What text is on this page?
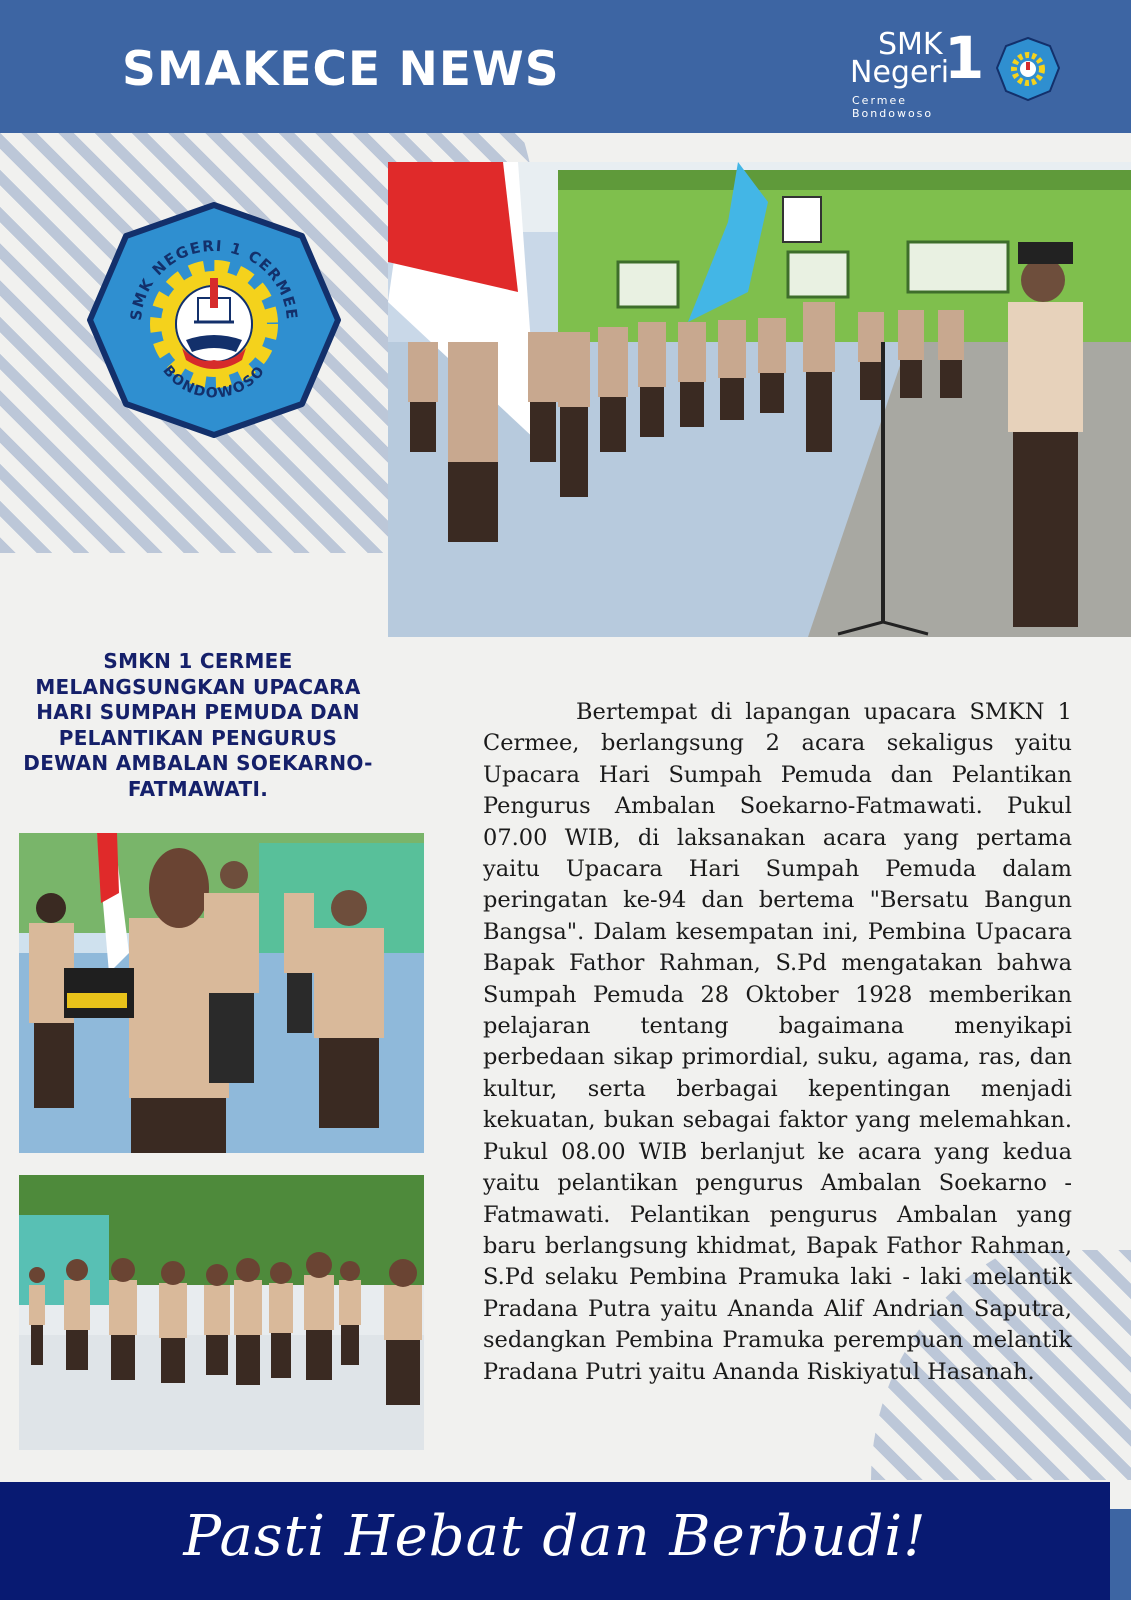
SMAKECE NEWS	SMK
Negeri
1
Cermee Bondowoso
SMK NEGERI 1 CERMEE
BONDOWOSO
SMKN 1 CERMEE MELANGSUNGKAN UPACARA HARI SUMPAH PEMUDA DAN PELANTIKAN PENGURUS DEWAN AMBALAN SOEKARNO-FATMAWATI.

Bertempat di lapangan upacara SMKN 1 Cermee, berlangsung 2 acara sekaligus yaitu Upacara Hari Sumpah Pemuda dan Pelantikan Pengurus Ambalan Soekarno-Fatmawati. Pukul 07.00 WIB, di laksanakan acara yang pertama yaitu Upacara Hari Sumpah Pemuda dalam peringatan ke-94 dan bertema "Bersatu Bangun Bangsa". Dalam kesempatan ini, Pembina Upacara Bapak Fathor Rahman, S.Pd mengatakan bahwa Sumpah Pemuda 28 Oktober 1928 memberikan pelajaran tentang bagaimana menyikapi perbedaan sikap primordial, suku, agama, ras, dan kultur, serta berbagai kepentingan menjadi kekuatan, bukan sebagai faktor yang melemahkan. Pukul 08.00 WIB berlanjut ke acara yang kedua yaitu pelantikan pengurus Ambalan Soekarno - Fatmawati. Pelantikan pengurus Ambalan yang baru berlangsung khidmat, Bapak Fathor Rahman, S.Pd selaku Pembina Pramuka laki - laki melantik Pradana Putra yaitu Ananda Alif Andrian Saputra, sedangkan Pembina Pramuka perempuan melantik Pradana Putri yaitu Ananda Riskiyatul Hasanah.

Pasti Hebat dan Berbudi!
